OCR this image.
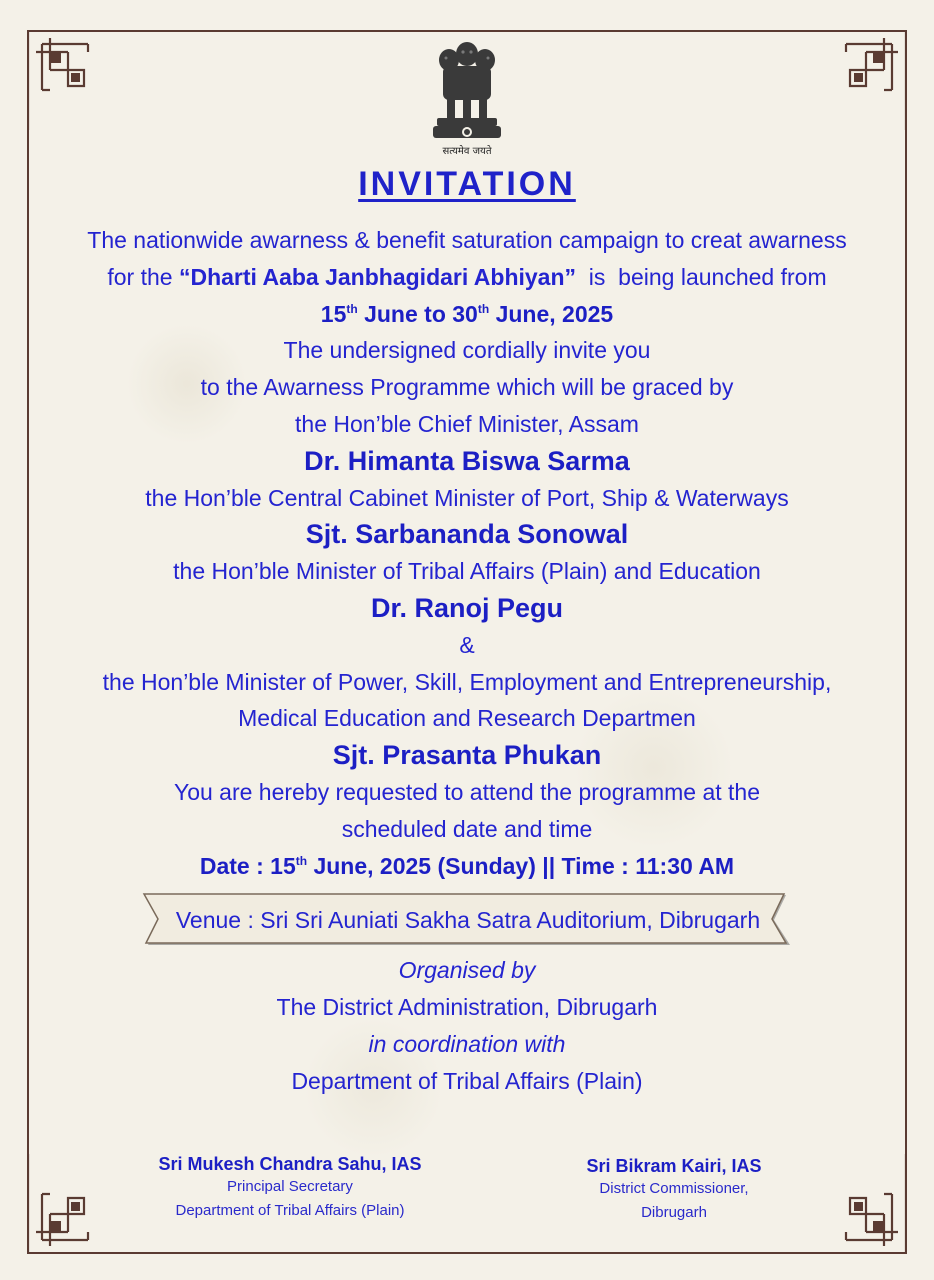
सत्यमेव जयते
INVITATION
The nationwide awarness & benefit saturation campaign to creat awarness
for the “Dharti Aaba Janbhagidari Abhiyan”  is  being launched from
15th June to 30th June, 2025
The undersigned cordially invite you
to the Awarness Programme which will be graced by
the Hon’ble Chief Minister, Assam
Dr. Himanta Biswa Sarma
the Hon’ble Central Cabinet Minister of Port, Ship & Waterways
Sjt. Sarbananda Sonowal
the Hon’ble Minister of Tribal Affairs (Plain) and Education
Dr. Ranoj Pegu
&
the Hon’ble Minister of Power, Skill, Employment and Entrepreneurship,
Medical Education and Research Departmen
Sjt. Prasanta Phukan
You are hereby requested to attend the programme at the
scheduled date and time
Date : 15th June, 2025 (Sunday) || Time : 11:30 AM
Venue : Sri Sri Auniati Sakha Satra Auditorium, Dibrugarh
Organised by
The District Administration, Dibrugarh
in coordination with
Department of Tribal Affairs (Plain)
Sri Mukesh Chandra Sahu, IAS
Principal Secretary
Department of Tribal Affairs (Plain)
Sri Bikram Kairi, IAS
District Commissioner,
Dibrugarh
